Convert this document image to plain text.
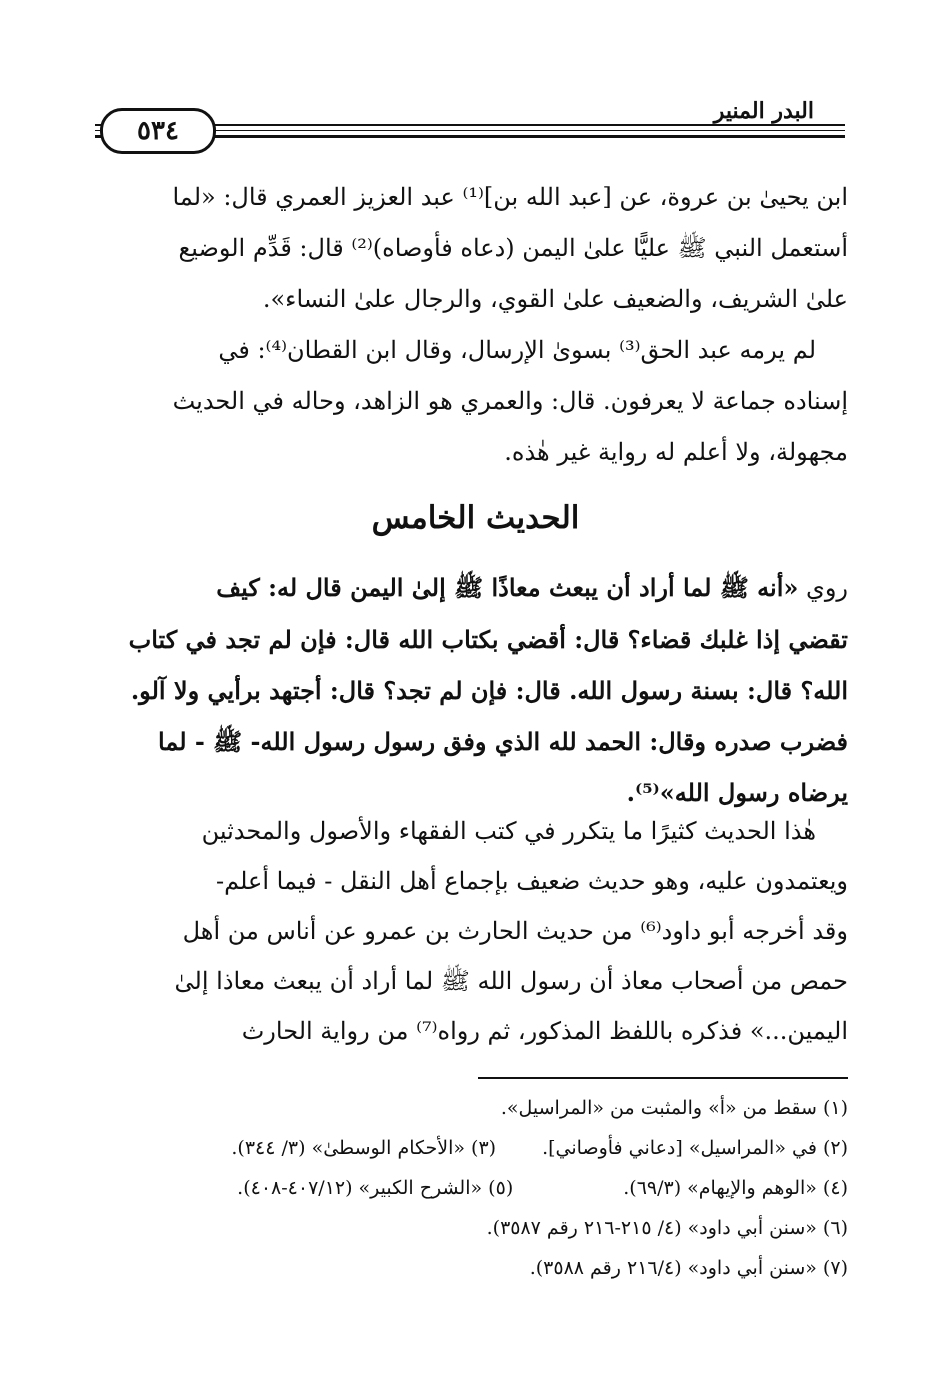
٥٣٤
البدر المنير

ابن يحيىٰ بن عروة، عن [عبد الله بن]⁽¹⁾ عبد العزيز العمري قال: «لما

أستعمل النبي ﷺ عليًّا علىٰ اليمن (دعاه فأوصاه)⁽²⁾ قال: قَدِّم الوضيع

علىٰ الشريف، والضعيف علىٰ القوي، والرجال علىٰ النساء».

لم يرمه عبد الحق⁽³⁾ بسوىٰ الإرسال، وقال ابن القطان⁽⁴⁾: في

إسناده جماعة لا يعرفون. قال: والعمري هو الزاهد، وحاله في الحديث

مجهولة، ولا أعلم له رواية غير هٰذه.

الحديث الخامس

روي «أنه ﷺ لما أراد أن يبعث معاذًا ﷺ إلىٰ اليمن قال له: كيف

تقضي إذا غلبك قضاء؟ قال: أقضي بكتاب الله قال: فإن لم تجد في كتاب

الله؟ قال: بسنة رسول الله. قال: فإن لم تجد؟ قال: أجتهد برأيي ولا آلو.

فضرب صدره وقال: الحمد لله الذي وفق رسول رسول الله- ﷺ - لما

يرضاه رسول الله»⁽⁵⁾.

هٰذا الحديث كثيرًا ما يتكرر في كتب الفقهاء والأصول والمحدثين

ويعتمدون عليه، وهو حديث ضعيف بإجماع أهل النقل - فيما أعلم-

وقد أخرجه أبو داود⁽⁶⁾ من حديث الحارث بن عمرو عن أناس من أهل

حمص من أصحاب معاذ أن رسول الله ﷺ لما أراد أن يبعث معاذا إلىٰ

اليمين...» فذكره باللفظ المذكور، ثم رواه⁽⁷⁾ من رواية الحارث

(١) سقط من «أ» والمثبت من «المراسيل».
(٢) في «المراسيل» [دعاني فأوصاني].(٣) «الأحكام الوسطىٰ» (٣/ ٣٤٤).
(٤) «الوهم والإيهام» (٦٩/٣).(٥) «الشرح الكبير» (٤٠٧/١٢-٤٠٨).
(٦) «سنن أبي داود» (٤/ ٢١٥-٢١٦ رقم ٣٥٨٧).
(٧) «سنن أبي داود» (٢١٦/٤ رقم ٣٥٨٨).
